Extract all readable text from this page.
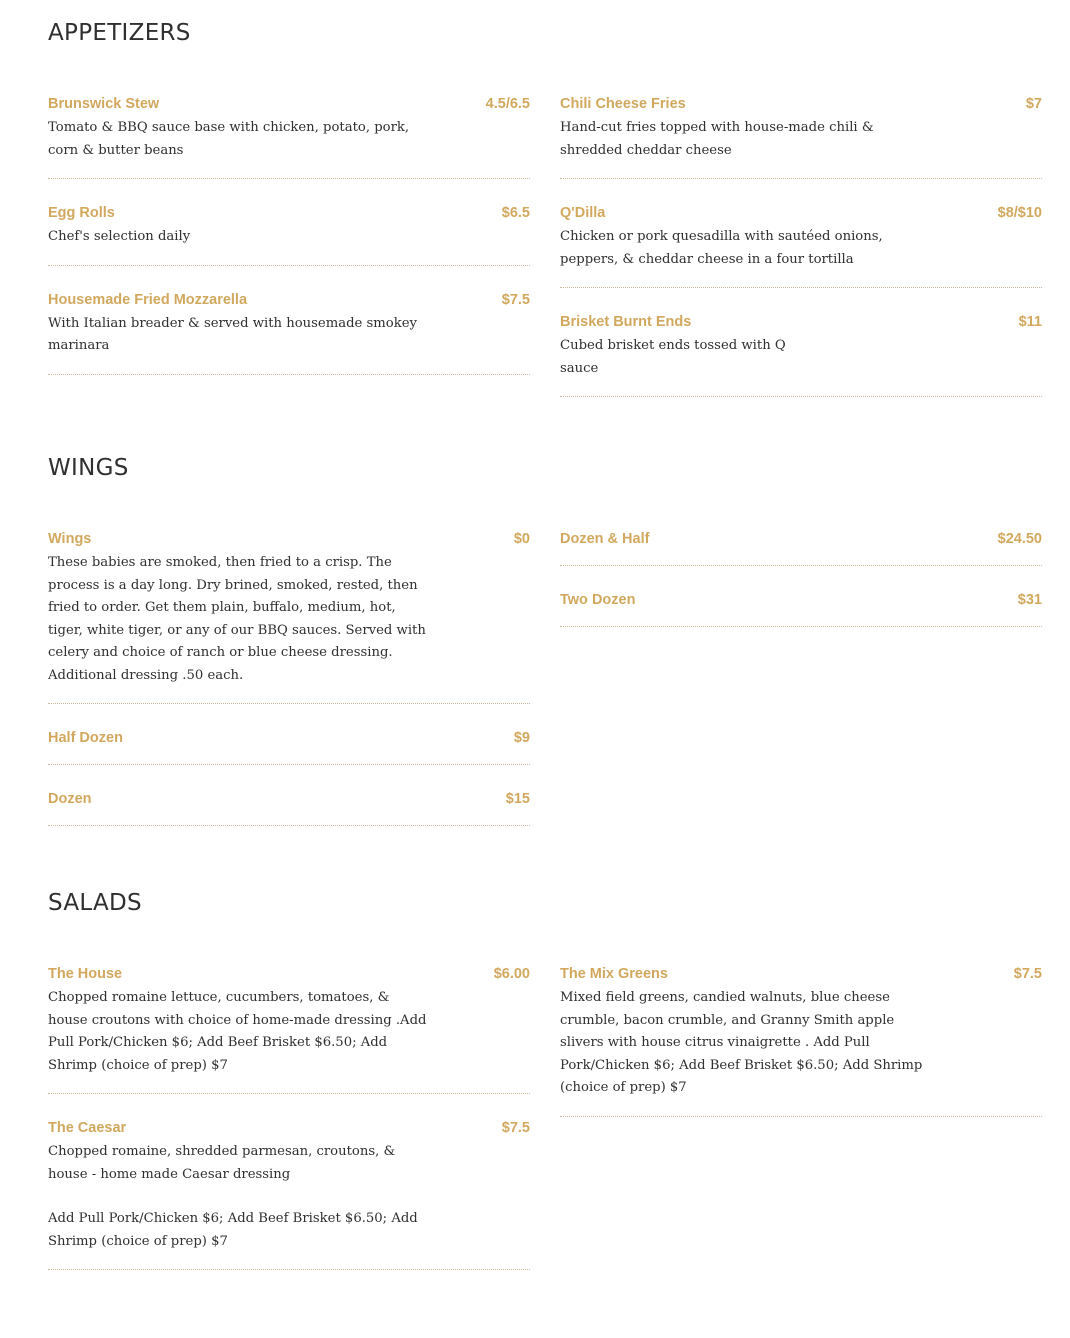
APPETIZERS
Brunswick Stew	4.5/6.5
Tomato & BBQ sauce base with chicken, potato, pork, corn & butter beans
Egg Rolls	$6.5
Chef's selection daily
Housemade Fried Mozzarella	$7.5
With Italian breader & served with housemade smokey marinara
Chili Cheese Fries	$7
Hand-cut fries topped with house-made chili & shredded cheddar cheese
Q'Dilla	$8/$10
Chicken or pork quesadilla with sautéed onions, peppers, & cheddar cheese in a four tortilla
Brisket Burnt Ends	$11
Cubed brisket ends tossed with Q
sauce
WINGS
Wings	$0
These babies are smoked, then fried to a crisp. The process is a day long. Dry brined, smoked, rested, then fried to order. Get them plain, buffalo, medium, hot, tiger, white tiger, or any of our BBQ sauces. Served with celery and choice of ranch or blue cheese dressing. Additional dressing .50 each.
Half Dozen	$9
Dozen	$15
Dozen & Half	$24.50
Two Dozen	$31
SALADS
The House	$6.00
Chopped romaine lettuce, cucumbers, tomatoes, & house croutons with choice of home-made dressing .Add Pull Pork/Chicken $6; Add Beef Brisket $6.50; Add Shrimp (choice of prep) $7
The Caesar	$7.5

Chopped romaine, shredded parmesan, croutons, & house - home made Caesar dressing

Add Pull Pork/Chicken $6; Add Beef Brisket $6.50; Add Shrimp (choice of prep) $7

The Mix Greens	$7.5
Mixed field greens, candied walnuts, blue cheese crumble, bacon crumble, and Granny Smith apple slivers with house citrus vinaigrette . Add Pull Pork/Chicken $6; Add Beef Brisket $6.50; Add Shrimp (choice of prep) $7
